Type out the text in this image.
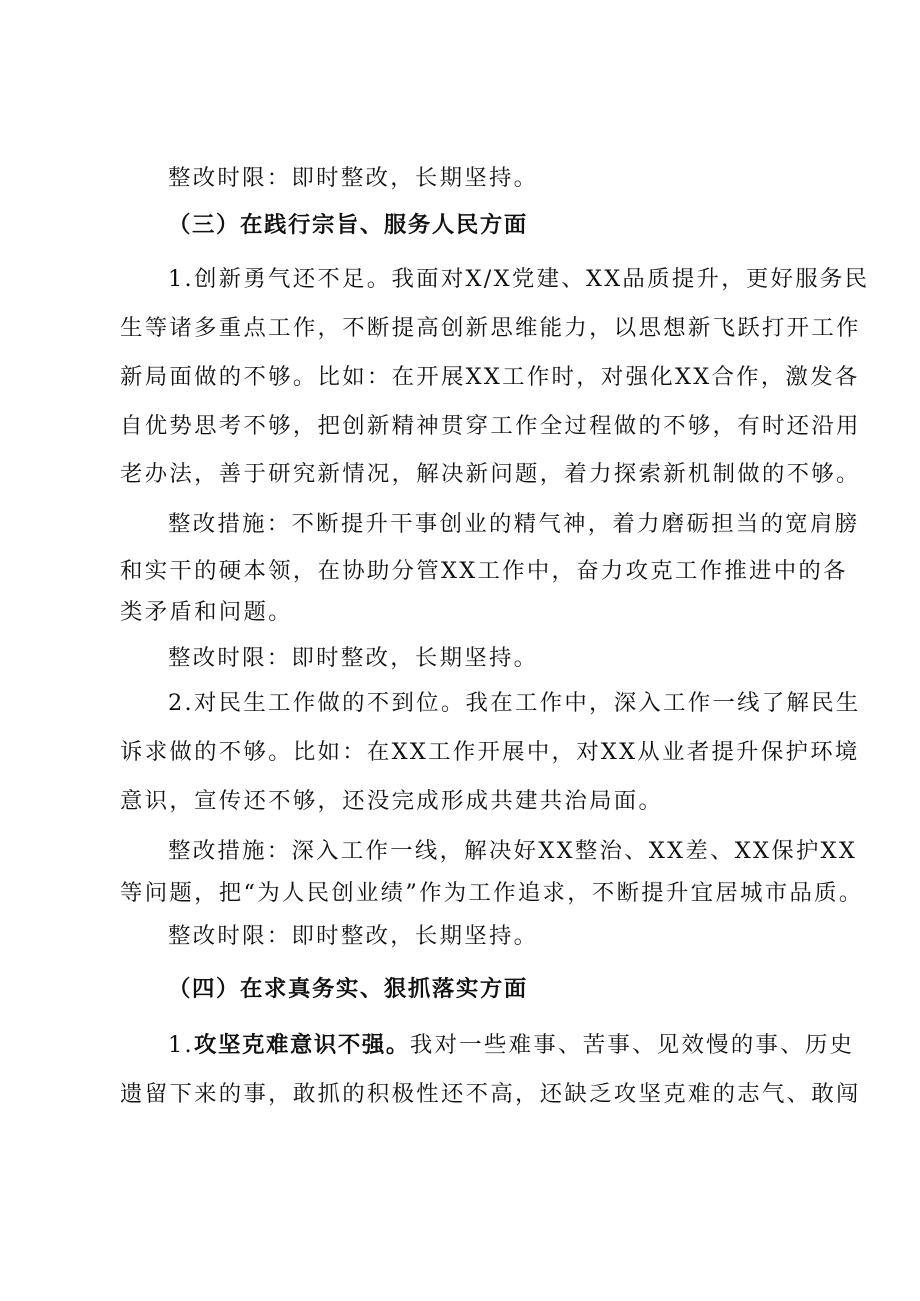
整改时限：即时整改，长期坚持。
（三）在践行宗旨、服务人民方面
1.创新勇气还不足。我面对X/X党建、XX品质提升，更好服务民
生等诸多重点工作，不断提高创新思维能力，以思想新飞跃打开工作
新局面做的不够。比如：在开展XX工作时，对强化XX合作，激发各
自优势思考不够，把创新精神贯穿工作全过程做的不够，有时还沿用
老办法，善于研究新情况，解决新问题，着力探索新机制做的不够。
整改措施：不断提升干事创业的精气神，着力磨砺担当的宽肩膀
和实干的硬本领，在协助分管XX工作中，奋力攻克工作推进中的各
类矛盾和问题。
整改时限：即时整改，长期坚持。
2.对民生工作做的不到位。我在工作中，深入工作一线了解民生
诉求做的不够。比如：在XX工作开展中，对XX从业者提升保护环境
意识，宣传还不够，还没完成形成共建共治局面。
整改措施：深入工作一线，解决好XX整治、XX差、XX保护XX
等问题，把“为人民创业绩”作为工作追求，不断提升宜居城市品质。
整改时限：即时整改，长期坚持。
（四）在求真务实、狠抓落实方面
1.攻坚克难意识不强。我对一些难事、苦事、见效慢的事、历史
遗留下来的事，敢抓的积极性还不高，还缺乏攻坚克难的志气、敢闯
